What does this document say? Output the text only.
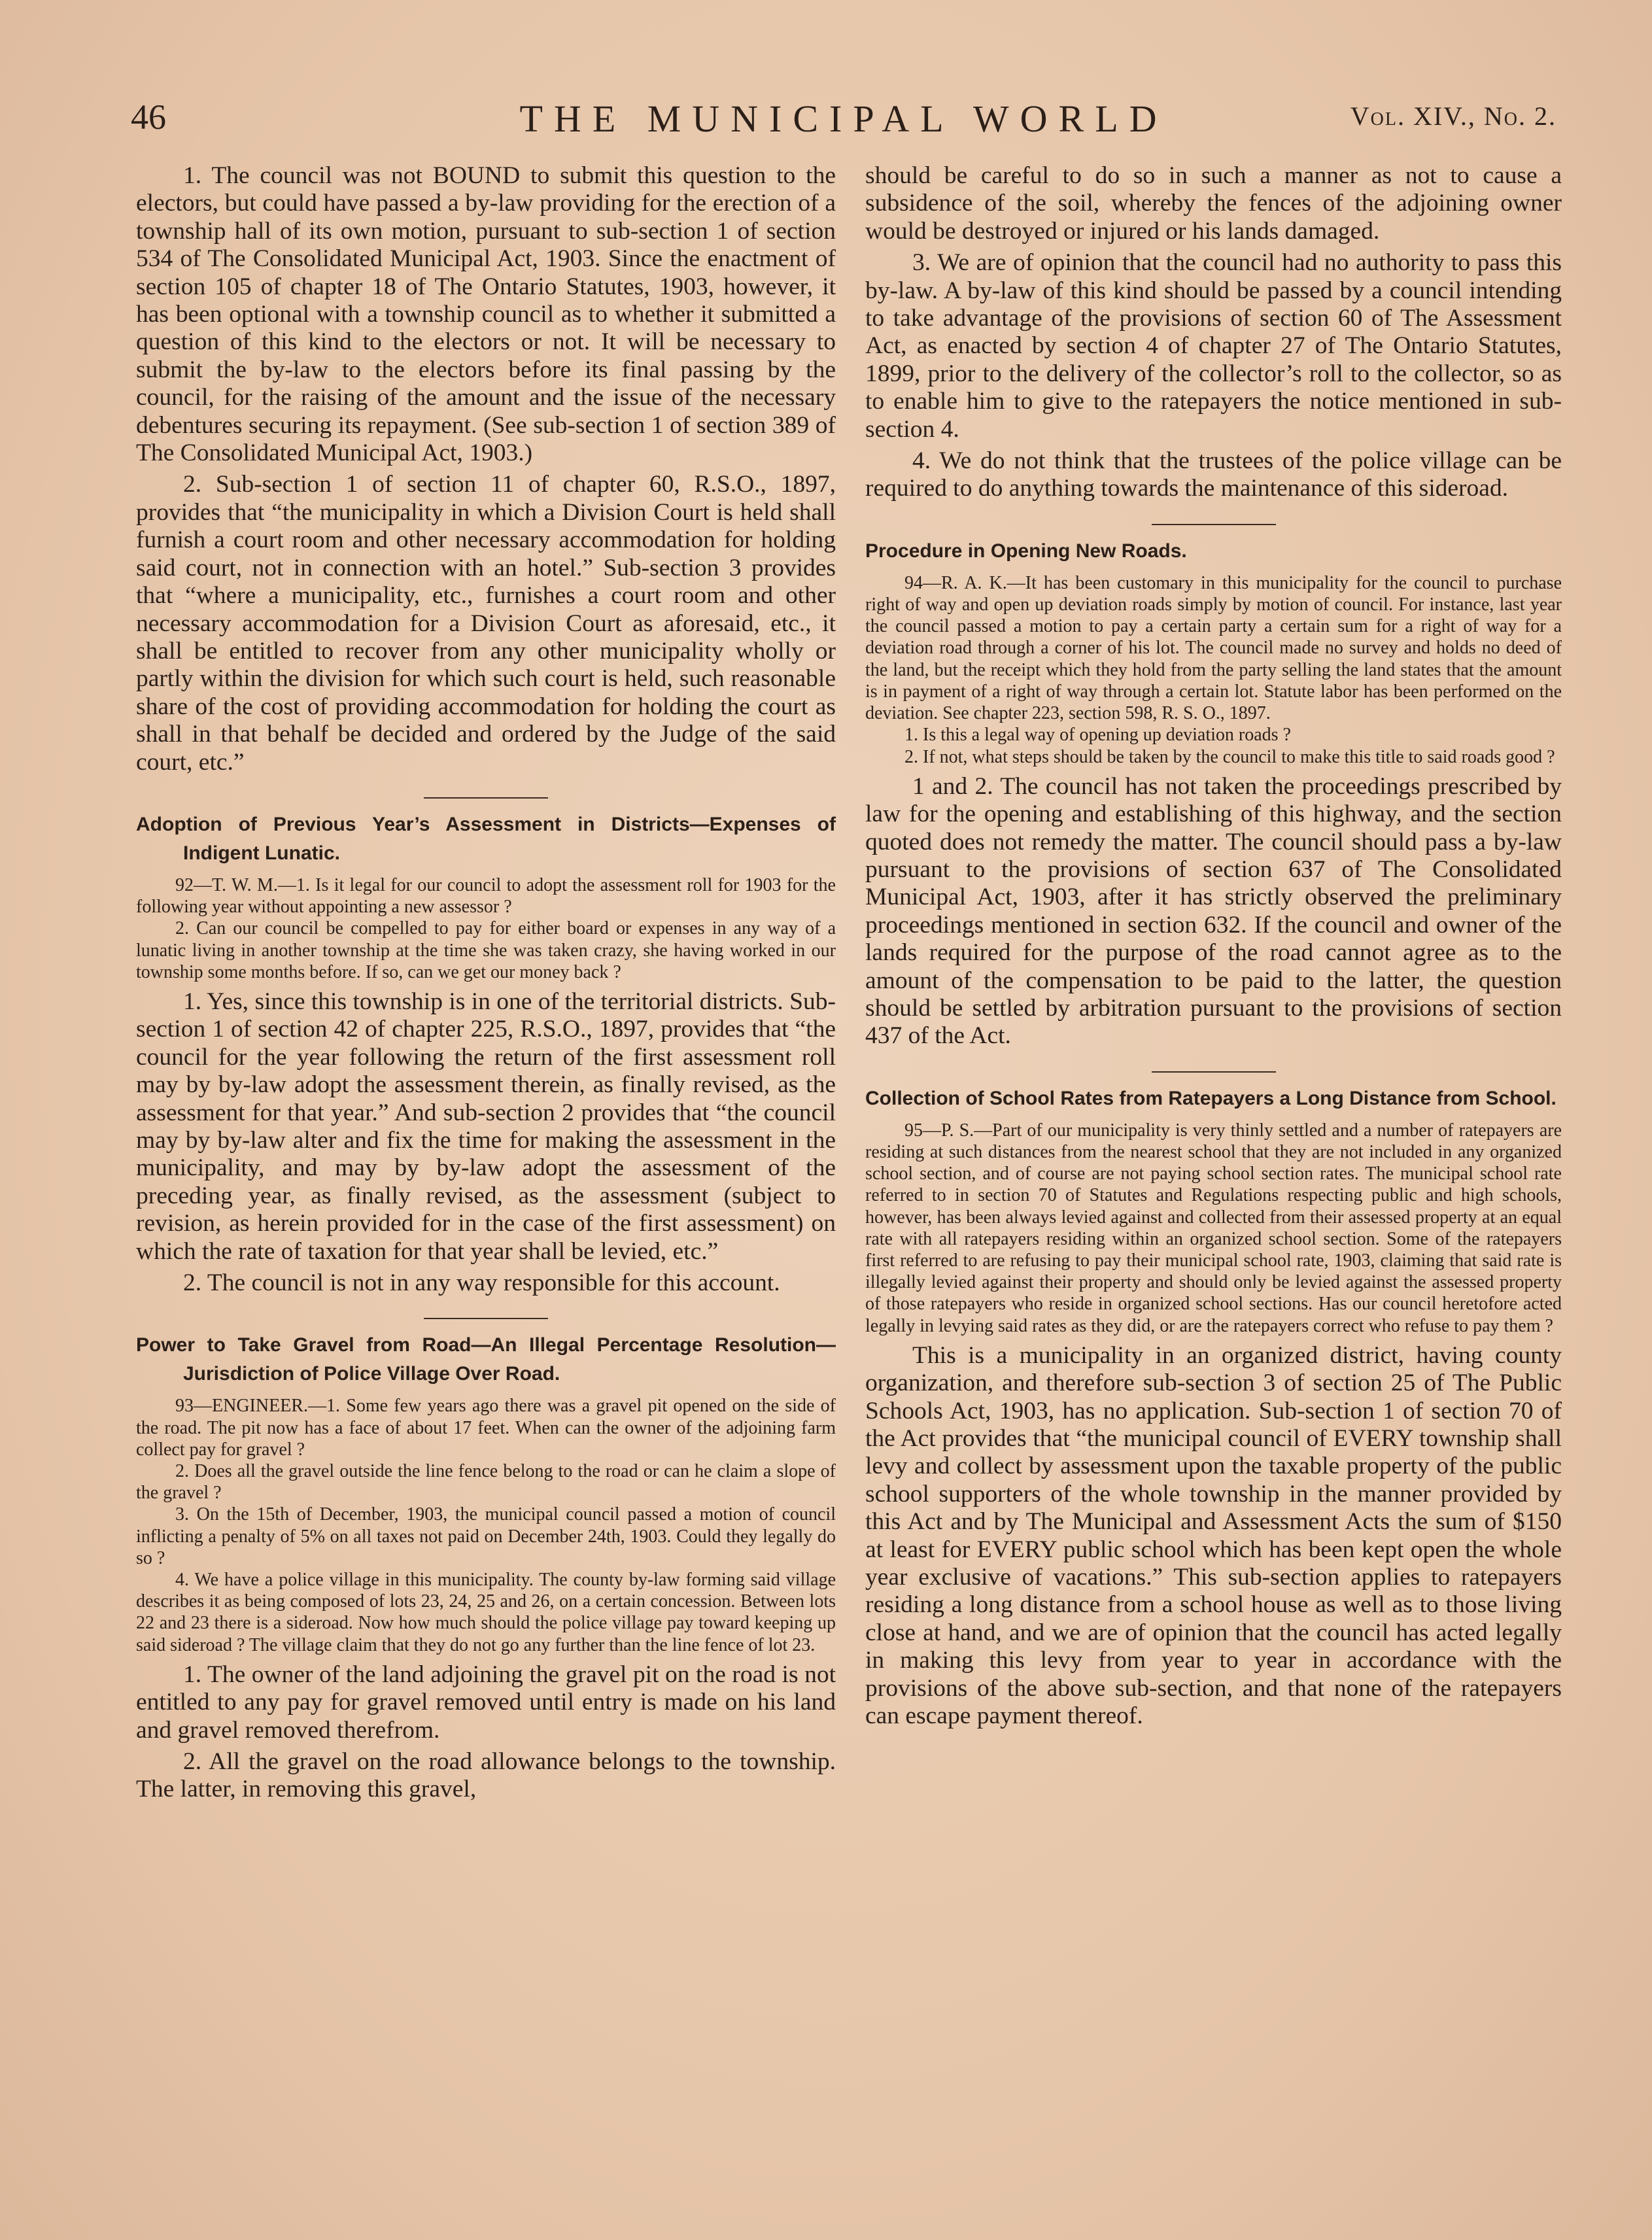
46	THE MUNICIPAL WORLD	Vol. XIV., No. 2.

1. The council was not BOUND to submit this question to the electors, but could have passed a by-law providing for the erection of a township hall of its own motion, pursuant to sub-section 1 of section 534 of The Consolidated Municipal Act, 1903. Since the enactment of section 105 of chapter 18 of The Ontario Statutes, 1903, however, it has been optional with a township council as to whether it submitted a question of this kind to the electors or not. It will be necessary to submit the by-law to the electors before its final passing by the council, for the raising of the amount and the issue of the necessary debentures securing its repayment. (See sub-section 1 of section 389 of The Consolidated Municipal Act, 1903.)

2. Sub-section 1 of section 11 of chapter 60, R.S.O., 1897, provides that “the municipality in which a Division Court is held shall furnish a court room and other necessary accommodation for holding said court, not in connection with an hotel.” Sub-section 3 provides that “where a municipality, etc., furnishes a court room and other necessary accommodation for a Division Court as aforesaid, etc., it shall be entitled to recover from any other municipality wholly or partly within the division for which such court is held, such reasonable share of the cost of providing accommodation for holding the court as shall in that behalf be decided and ordered by the Judge of the said court, etc.”

Adoption of Previous Year’s Assessment in Districts—Expenses of Indigent Lunatic.

92—T. W. M.—1. Is it legal for our council to adopt the assessment roll for 1903 for the following year without appointing a new assessor ?

2. Can our council be compelled to pay for either board or expenses in any way of a lunatic living in another township at the time she was taken crazy, she having worked in our township some months before. If so, can we get our money back ?

1. Yes, since this township is in one of the territorial districts. Sub-section 1 of section 42 of chapter 225, R.S.O., 1897, provides that “the council for the year following the return of the first assessment roll may by by-law adopt the assessment therein, as finally revised, as the assessment for that year.” And sub-section 2 provides that “the council may by by-law alter and fix the time for making the assessment in the municipality, and may by by-law adopt the assessment of the preceding year, as finally revised, as the assessment (subject to revision, as herein provided for in the case of the first assessment) on which the rate of taxation for that year shall be levied, etc.”

2. The council is not in any way responsible for this account.

Power to Take Gravel from Road—An Illegal Percentage Resolution—Jurisdiction of Police Village Over Road.

93—ENGINEER.—1. Some few years ago there was a gravel pit opened on the side of the road. The pit now has a face of about 17 feet. When can the owner of the adjoining farm collect pay for gravel ?

2. Does all the gravel outside the line fence belong to the road or can he claim a slope of the gravel ?

3. On the 15th of December, 1903, the municipal council passed a motion of council inflicting a penalty of 5% on all taxes not paid on December 24th, 1903. Could they legally do so ?

4. We have a police village in this municipality. The county by-law forming said village describes it as being composed of lots 23, 24, 25 and 26, on a certain concession. Between lots 22 and 23 there is a sideroad. Now how much should the police village pay toward keeping up said sideroad ? The village claim that they do not go any further than the line fence of lot 23.

1. The owner of the land adjoining the gravel pit on the road is not entitled to any pay for gravel removed until entry is made on his land and gravel removed therefrom.

2. All the gravel on the road allowance belongs to the township. The latter, in removing this gravel,

should be careful to do so in such a manner as not to cause a subsidence of the soil, whereby the fences of the adjoining owner would be destroyed or injured or his lands damaged.

3. We are of opinion that the council had no authority to pass this by-law. A by-law of this kind should be passed by a council intending to take advantage of the provisions of section 60 of The Assessment Act, as enacted by section 4 of chapter 27 of The Ontario Statutes, 1899, prior to the delivery of the collector’s roll to the collector, so as to enable him to give to the ratepayers the notice mentioned in sub-section 4.

4. We do not think that the trustees of the police village can be required to do anything towards the maintenance of this sideroad.

Procedure in Opening New Roads.

94—R. A. K.—It has been customary in this municipality for the council to purchase right of way and open up deviation roads simply by motion of council. For instance, last year the council passed a motion to pay a certain party a certain sum for a right of way for a deviation road through a corner of his lot. The council made no survey and holds no deed of the land, but the receipt which they hold from the party selling the land states that the amount is in payment of a right of way through a certain lot. Statute labor has been performed on the deviation. See chapter 223, section 598, R. S. O., 1897.

1. Is this a legal way of opening up deviation roads ?

2. If not, what steps should be taken by the council to make this title to said roads good ?

1 and 2. The council has not taken the proceedings prescribed by law for the opening and establishing of this highway, and the section quoted does not remedy the matter. The council should pass a by-law pursuant to the provisions of section 637 of The Consolidated Municipal Act, 1903, after it has strictly observed the preliminary proceedings mentioned in section 632. If the council and owner of the lands required for the purpose of the road cannot agree as to the amount of the compensation to be paid to the latter, the question should be settled by arbitration pursuant to the provisions of section 437 of the Act.

Collection of School Rates from Ratepayers a Long Distance from School.

95—P. S.—Part of our municipality is very thinly settled and a number of ratepayers are residing at such distances from the nearest school that they are not included in any organized school section, and of course are not paying school section rates. The municipal school rate referred to in section 70 of Statutes and Regulations respecting public and high schools, however, has been always levied against and collected from their assessed property at an equal rate with all ratepayers residing within an organized school section. Some of the ratepayers first referred to are refusing to pay their municipal school rate, 1903, claiming that said rate is illegally levied against their property and should only be levied against the assessed property of those ratepayers who reside in organized school sections. Has our council heretofore acted legally in levying said rates as they did, or are the ratepayers correct who refuse to pay them ?

This is a municipality in an organized district, having county organization, and therefore sub-section 3 of section 25 of The Public Schools Act, 1903, has no application. Sub-section 1 of section 70 of the Act provides that “the municipal council of EVERY township shall levy and collect by assessment upon the taxable property of the public school supporters of the whole township in the manner provided by this Act and by The Municipal and Assessment Acts the sum of $150 at least for EVERY public school which has been kept open the whole year exclusive of vacations.” This sub-section applies to ratepayers residing a long distance from a school house as well as to those living close at hand, and we are of opinion that the council has acted legally in making this levy from year to year in accordance with the provisions of the above sub-section, and that none of the ratepayers can escape payment thereof.
